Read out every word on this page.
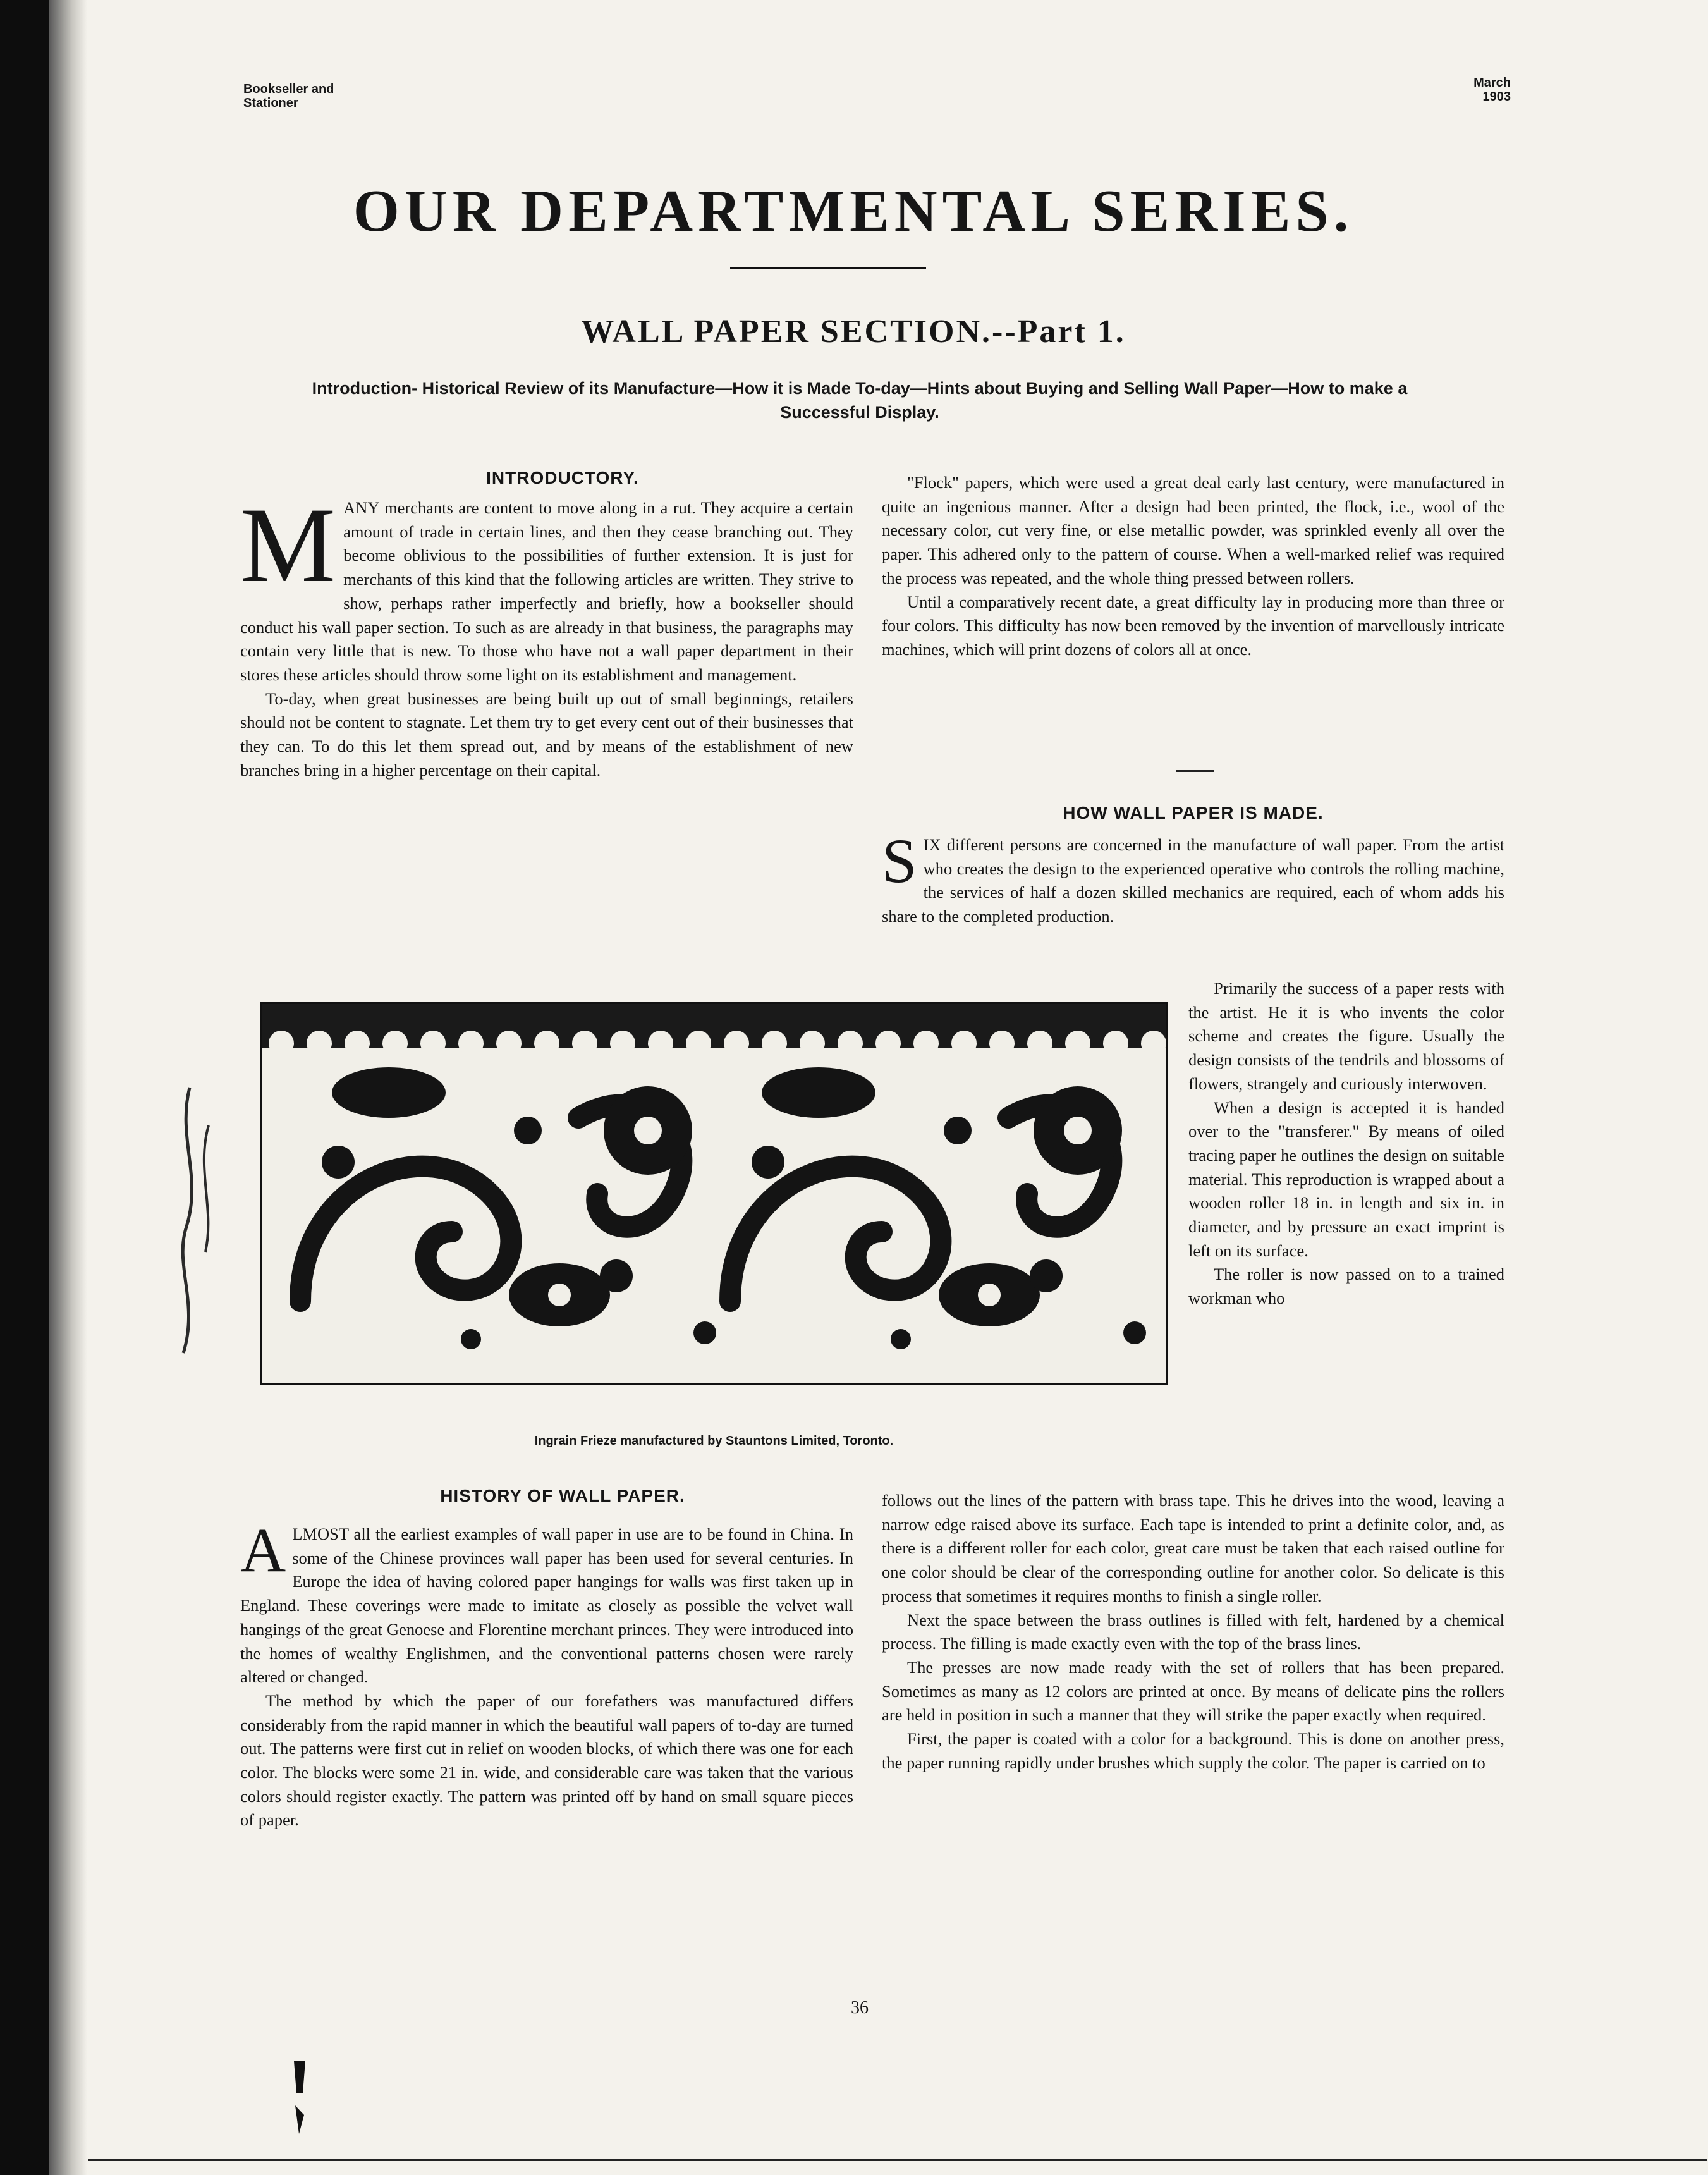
Bookseller and
Stationer
March
1903
OUR DEPARTMENTAL SERIES.
WALL PAPER SECTION.--Part 1.
Introduction- Historical Review of its Manufacture—How it is Made To-day—Hints about Buying and Selling Wall Paper—How to make a Successful Display.
INTRODUCTORY.

MANY merchants are content to move along in a rut. They acquire a certain amount of trade in certain lines, and then they cease branching out. They become oblivious to the possibilities of further extension. It is just for merchants of this kind that the following articles are written. They strive to show, perhaps rather imperfectly and briefly, how a bookseller should conduct his wall paper section. To such as are already in that business, the paragraphs may contain very little that is new. To those who have not a wall paper department in their stores these articles should throw some light on its establishment and management.

To-day, when great businesses are being built up out of small beginnings, retailers should not be content to stagnate. Let them try to get every cent out of their businesses that they can. To do this let them spread out, and by means of the establishment of new branches bring in a higher percentage on their capital.

"Flock" papers, which were used a great deal early last century, were manufactured in quite an ingenious manner. After a design had been printed, the flock, i.e., wool of the necessary color, cut very fine, or else metallic powder, was sprinkled evenly all over the paper. This adhered only to the pattern of course. When a well-marked relief was required the process was repeated, and the whole thing pressed between rollers.

Until a comparatively recent date, a great difficulty lay in producing more than three or four colors. This difficulty has now been removed by the invention of marvellously intricate machines, which will print dozens of colors all at once.

HOW WALL PAPER IS MADE.

SIX different persons are concerned in the manufacture of wall paper. From the artist who creates the design to the experienced operative who controls the rolling machine, the services of half a dozen skilled mechanics are required, each of whom adds his share to the completed production.

Primarily the success of a paper rests with the artist. He it is who invents the color scheme and creates the figure. Usually the design consists of the tendrils and blossoms of flowers, strangely and curiously interwoven.

When a design is accepted it is handed over to the "transferer." By means of oiled tracing paper he outlines the design on suitable material. This reproduction is wrapped about a wooden roller 18 in. in length and six in. in diameter, and by pressure an exact imprint is left on its surface.

The roller is now passed on to a trained workman who

follows out the lines of the pattern with brass tape. This he drives into the wood, leaving a narrow edge raised above its surface. Each tape is intended to print a definite color, and, as there is a different roller for each color, great care must be taken that each raised outline for one color should be clear of the corresponding outline for another color. So delicate is this process that sometimes it requires months to finish a single roller.

Next the space between the brass outlines is filled with felt, hardened by a chemical process. The filling is made exactly even with the top of the brass lines.

The presses are now made ready with the set of rollers that has been prepared. Sometimes as many as 12 colors are printed at once. By means of delicate pins the rollers are held in position in such a manner that they will strike the paper exactly when required.

First, the paper is coated with a color for a background. This is done on another press, the paper running rapidly under brushes which supply the color. The paper is carried on to

Ingrain Frieze manufactured by Stauntons Limited, Toronto.
HISTORY OF WALL PAPER.

ALMOST all the earliest examples of wall paper in use are to be found in China. In some of the Chinese provinces wall paper has been used for several centuries. In Europe the idea of having colored paper hangings for walls was first taken up in England. These coverings were made to imitate as closely as possible the velvet wall hangings of the great Genoese and Florentine merchant princes. They were introduced into the homes of wealthy Englishmen, and the conventional patterns chosen were rarely altered or changed.

The method by which the paper of our forefathers was manufactured differs considerably from the rapid manner in which the beautiful wall papers of to-day are turned out. The patterns were first cut in relief on wooden blocks, of which there was one for each color. The blocks were some 21 in. wide, and considerable care was taken that the various colors should register exactly. The pattern was printed off by hand on small square pieces of paper.

36
